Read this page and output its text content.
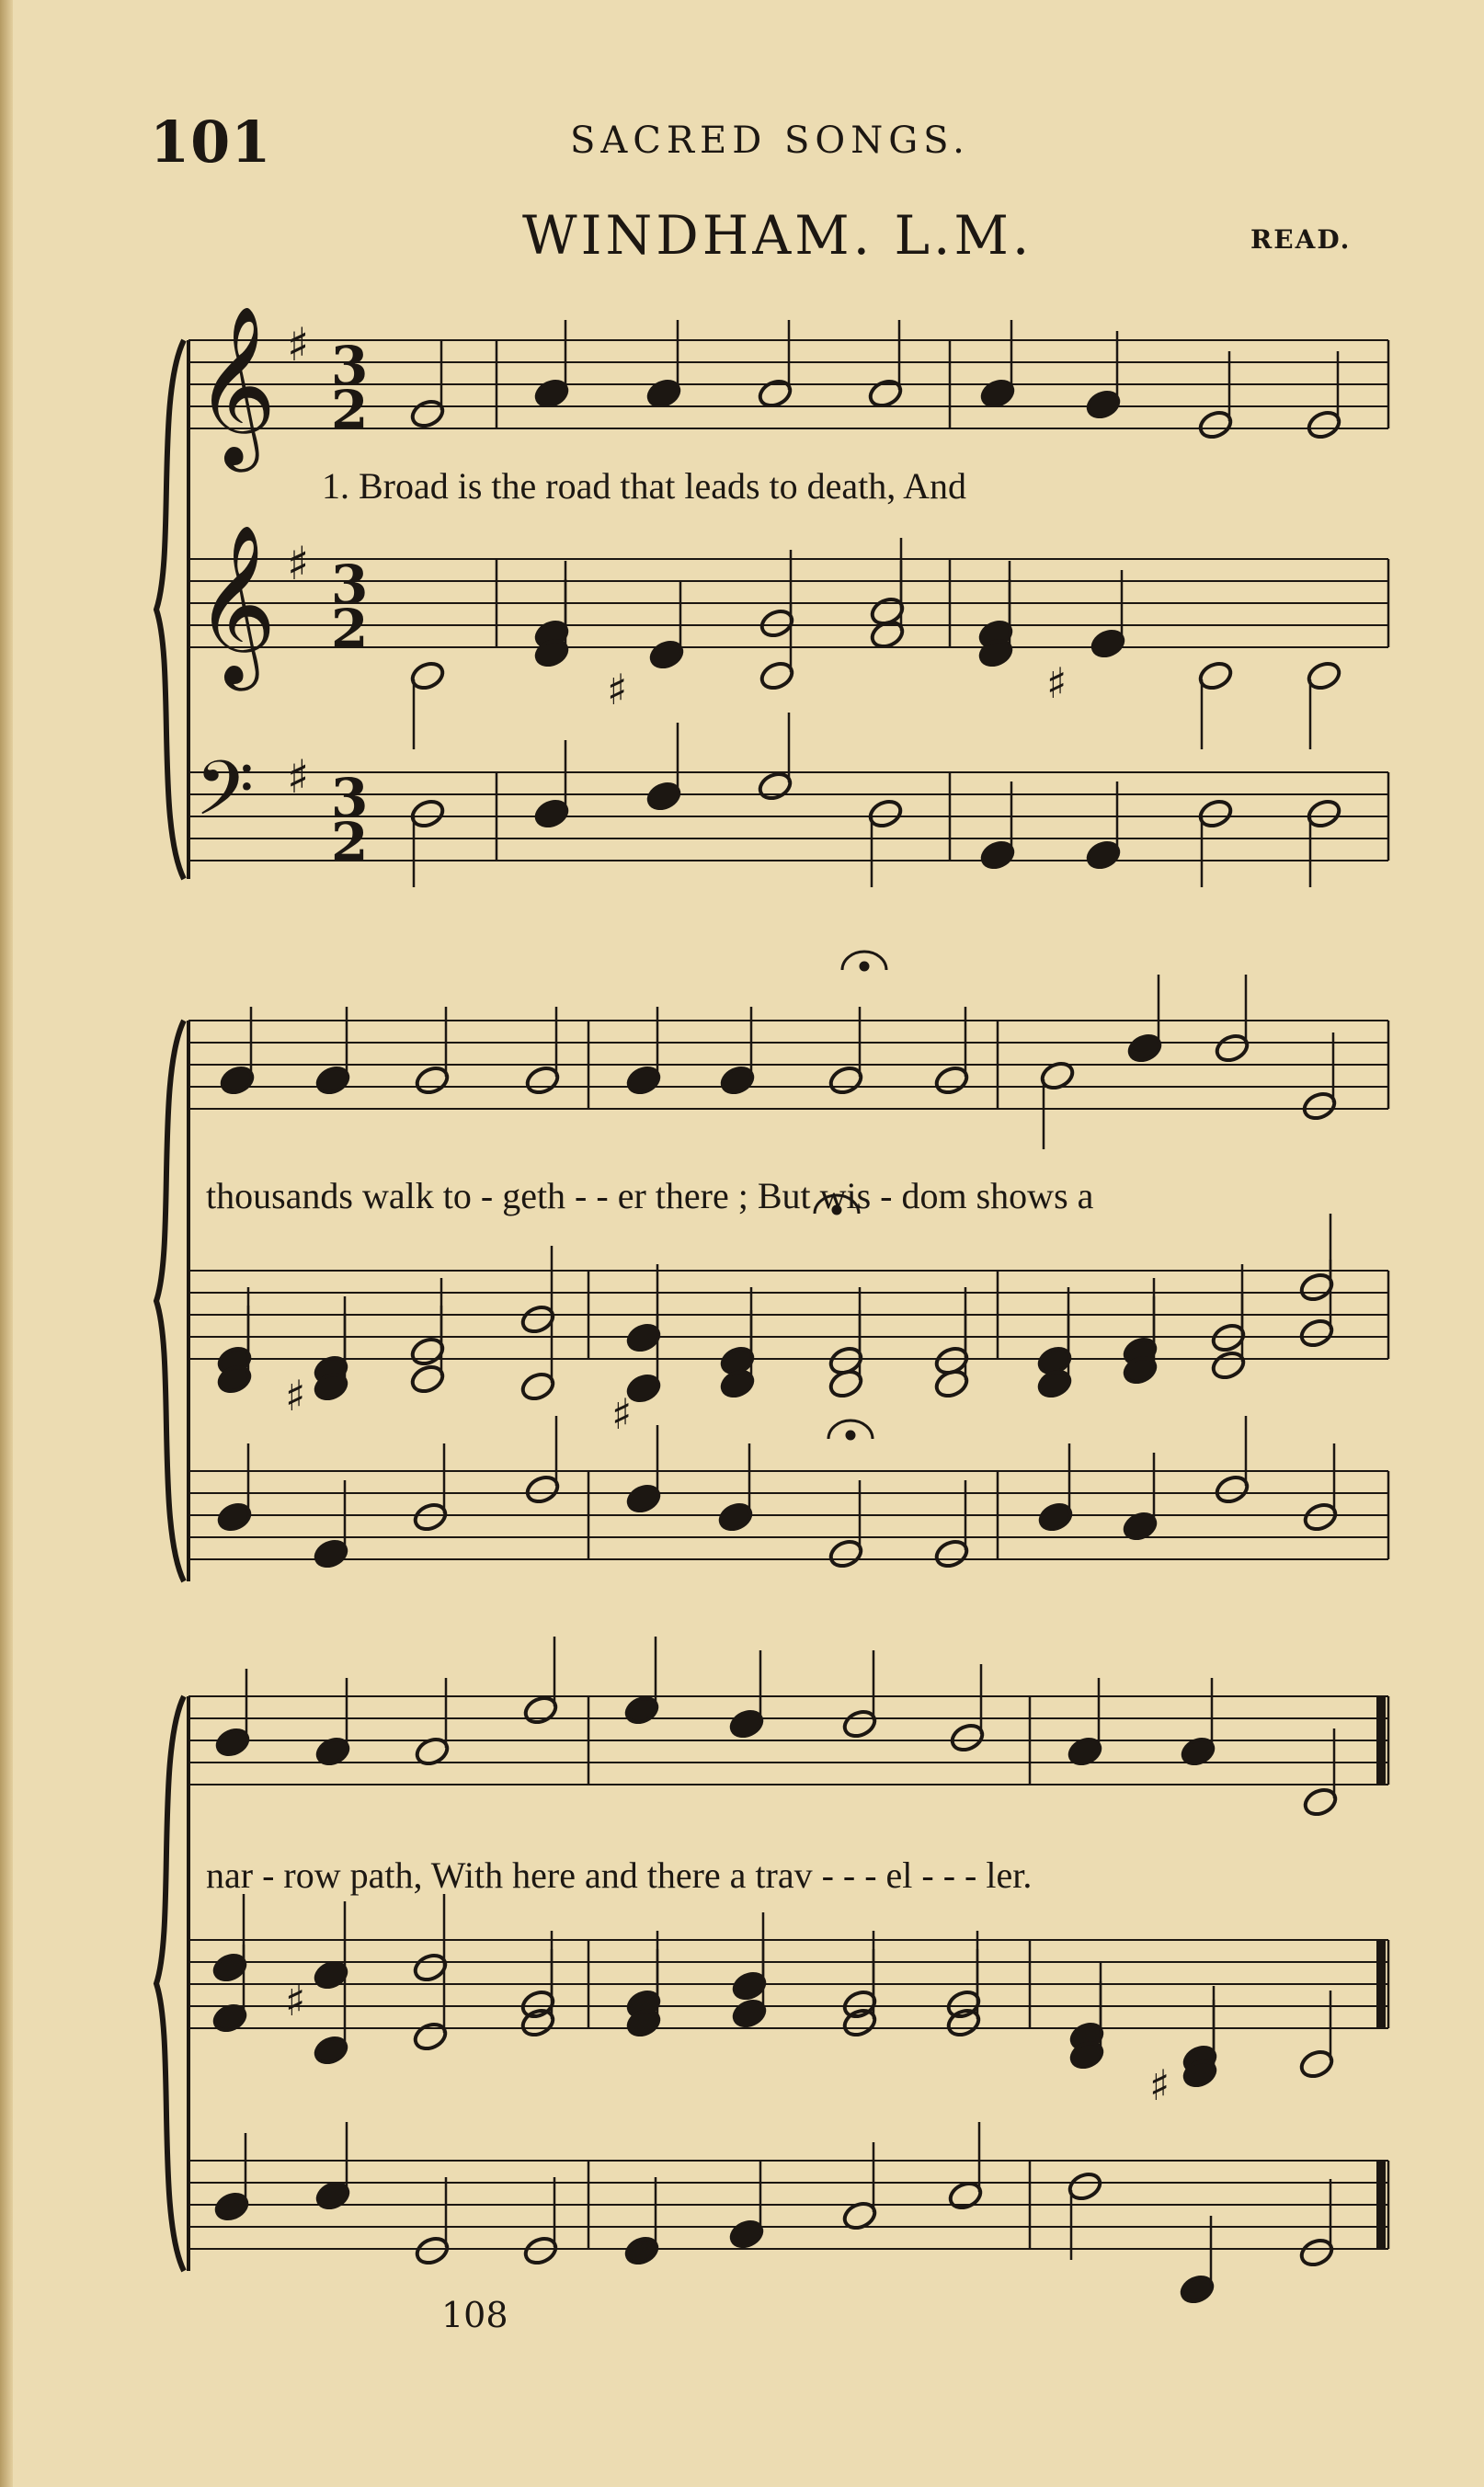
101	SACRED SONGS.
WINDHAM. L.M.	READ.
𝄞 ♯ 3
2
𝄞 ♯ 3
2
𝄢 ♯ 3
2
♯	♯
♯	♯
♯
♯
1. Broad is the road that leads to death, And
thousands walk to - geth - - er there ; But wis - dom shows a
nar - row path, With here and there a trav - - - el - - - ler.
108
